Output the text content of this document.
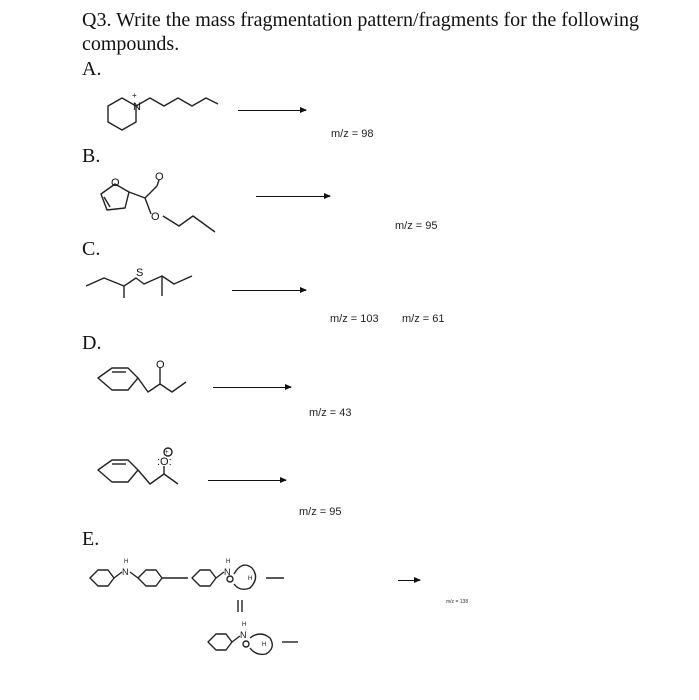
Q3. Write the mass fragmentation pattern/fragments for the following compounds.
A.
N
+
m/z = 98
B.
O	O
O
m/z = 95
C.
S
m/z = 103 m/z = 61
D.
O
m/z = 43
+
:O:
m/z = 95
E.
N
H
N
H
H
N
H
H
m/z = 138
